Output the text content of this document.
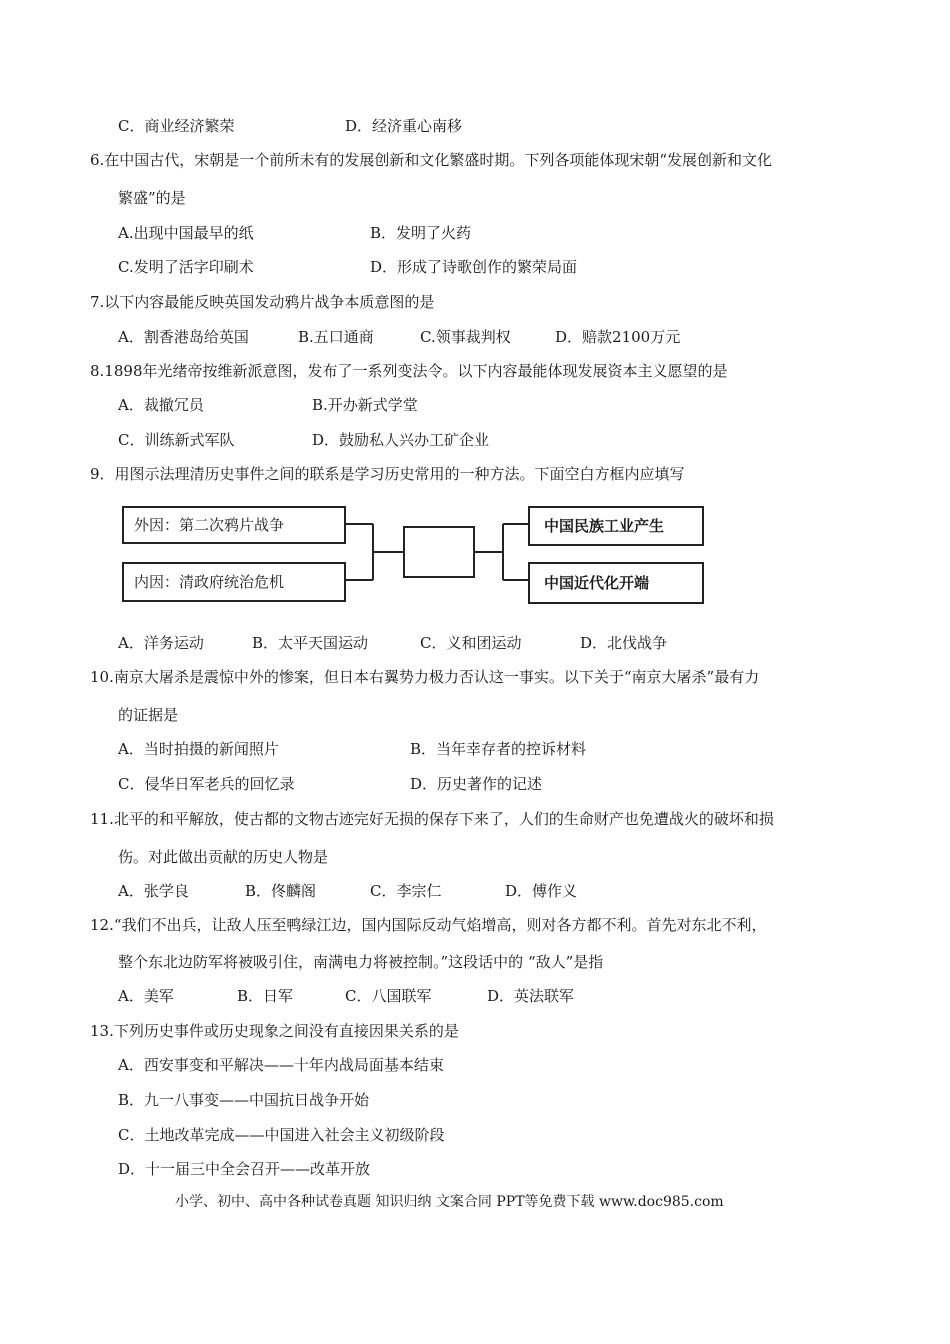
C．商业经济繁荣	D．经济重心南移
6.在中国古代，宋朝是一个前所未有的发展创新和文化繁盛时期。下列各项能体现宋朝“发展创新和文化
繁盛”的是
A.出现中国最早的纸	B．发明了火药
C.发明了活字印刷术	D．形成了诗歌创作的繁荣局面
7.以下内容最能反映英国发动鸦片战争本质意图的是
A．割香港岛给英国	B.五口通商	C.领事裁判权	D．赔款2100万元
8.1898年光绪帝按维新派意图，发布了一系列变法令。以下内容最能体现发展资本主义愿望的是
A．裁撤冗员	B.开办新式学堂
C．训练新式军队	D．鼓励私人兴办工矿企业
9．用图示法理清历史事件之间的联系是学习历史常用的一种方法。下面空白方框内应填写
外因：第二次鸦片战争
内因：清政府统治危机
中国民族工业产生
中国近代化开端
A．洋务运动	B．太平天国运动	C．义和团运动	D．北伐战争
10.南京大屠杀是震惊中外的惨案，但日本右翼势力极力否认这一事实。以下关于“南京大屠杀”最有力
的证据是
A．当时拍摄的新闻照片	B．当年幸存者的控诉材料
C．侵华日军老兵的回忆录	D．历史著作的记述
11.北平的和平解放，使古都的文物古迹完好无损的保存下来了，人们的生命财产也免遭战火的破坏和损
伤。对此做出贡献的历史人物是
A．张学良	B．佟麟阁	C．李宗仁	D．傅作义
12.“我们不出兵，让敌人压至鸭绿江边，国内国际反动气焰增高，则对各方都不利。首先对东北不利，
整个东北边防军将被吸引住，南满电力将被控制。”这段话中的 “敌人”是指
A．美军	B．日军	C．八国联军	D．英法联军
13.下列历史事件或历史现象之间没有直接因果关系的是
A．西安事变和平解决——十年内战局面基本结束
B．九一八事变——中国抗日战争开始
C．土地改革完成——中国进入社会主义初级阶段
D．十一届三中全会召开——改革开放
小学、初中、高中各种试卷真题 知识归纳 文案合同 PPT等免费下载 www.doc985.com
